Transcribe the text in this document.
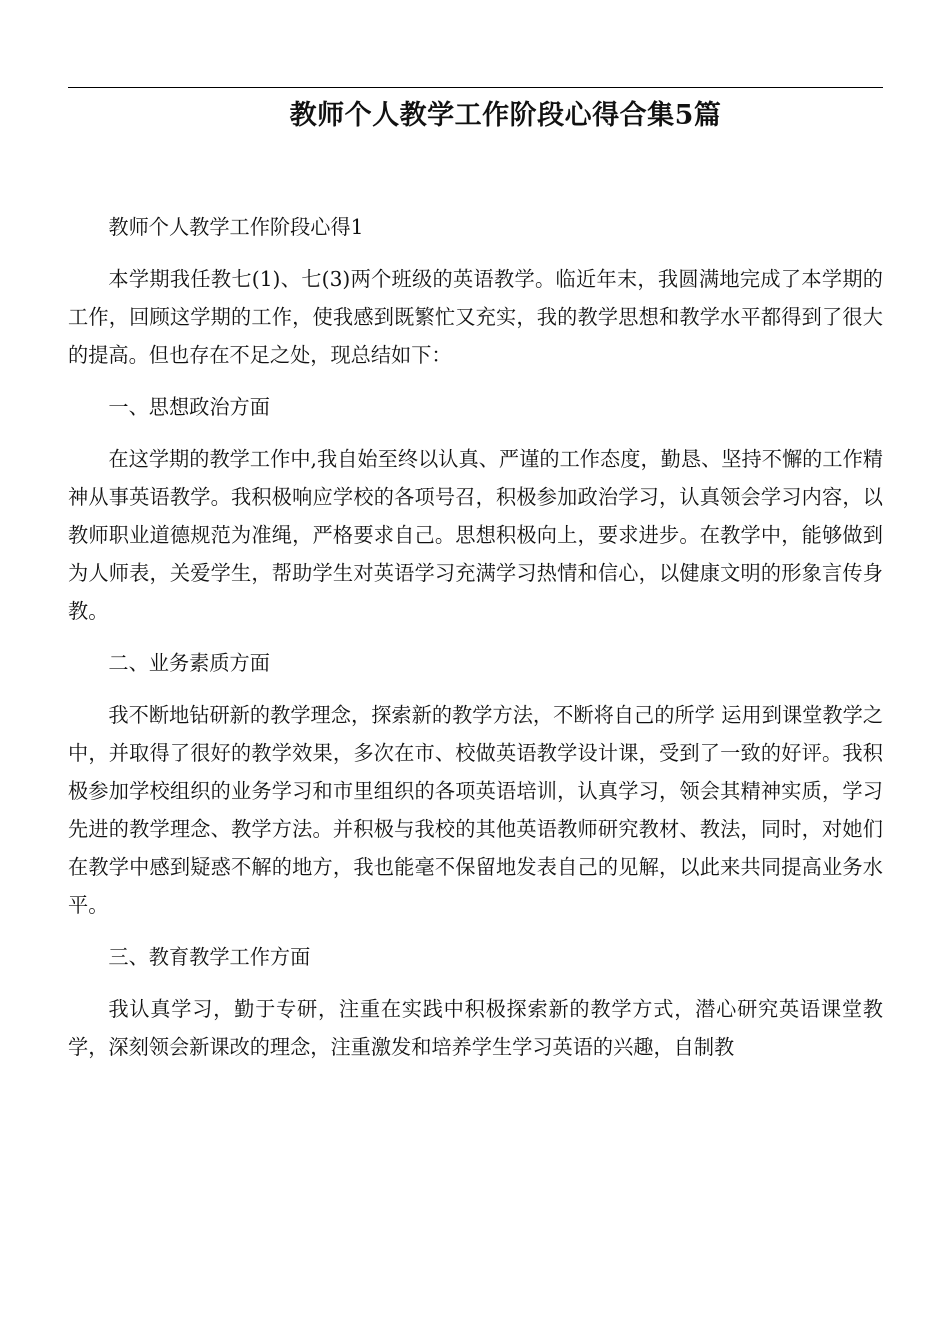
教师个人教学工作阶段心得合集5篇

教师个人教学工作阶段心得1

本学期我任教七(1)、七(3)两个班级的英语教学。临近年末，我圆满地完成了本学期的工作，回顾这学期的工作，使我感到既繁忙又充实，我的教学思想和教学水平都得到了很大的提高。但也存在不足之处，现总结如下：

一、思想政治方面

在这学期的教学工作中,我自始至终以认真、严谨的工作态度，勤恳、坚持不懈的工作精神从事英语教学。我积极响应学校的各项号召，积极参加政治学习，认真领会学习内容，以教师职业道德规范为准绳，严格要求自己。思想积极向上，要求进步。在教学中，能够做到为人师表，关爱学生，帮助学生对英语学习充满学习热情和信心，以健康文明的形象言传身教。

二、业务素质方面

我不断地钻研新的教学理念，探索新的教学方法，不断将自己的所学 运用到课堂教学之中，并取得了很好的教学效果，多次在市、校做英语教学设计课，受到了一致的好评。我积极参加学校组织的业务学习和市里组织的各项英语培训，认真学习，领会其精神实质，学习先进的教学理念、教学方法。并积极与我校的其他英语教师研究教材、教法，同时，对她们在教学中感到疑惑不解的地方，我也能毫不保留地发表自己的见解，以此来共同提高业务水平。

三、教育教学工作方面

我认真学习，勤于专研，注重在实践中积极探索新的教学方式，潜心研究英语课堂教学，深刻领会新课改的理念，注重激发和培养学生学习英语的兴趣，自制教
